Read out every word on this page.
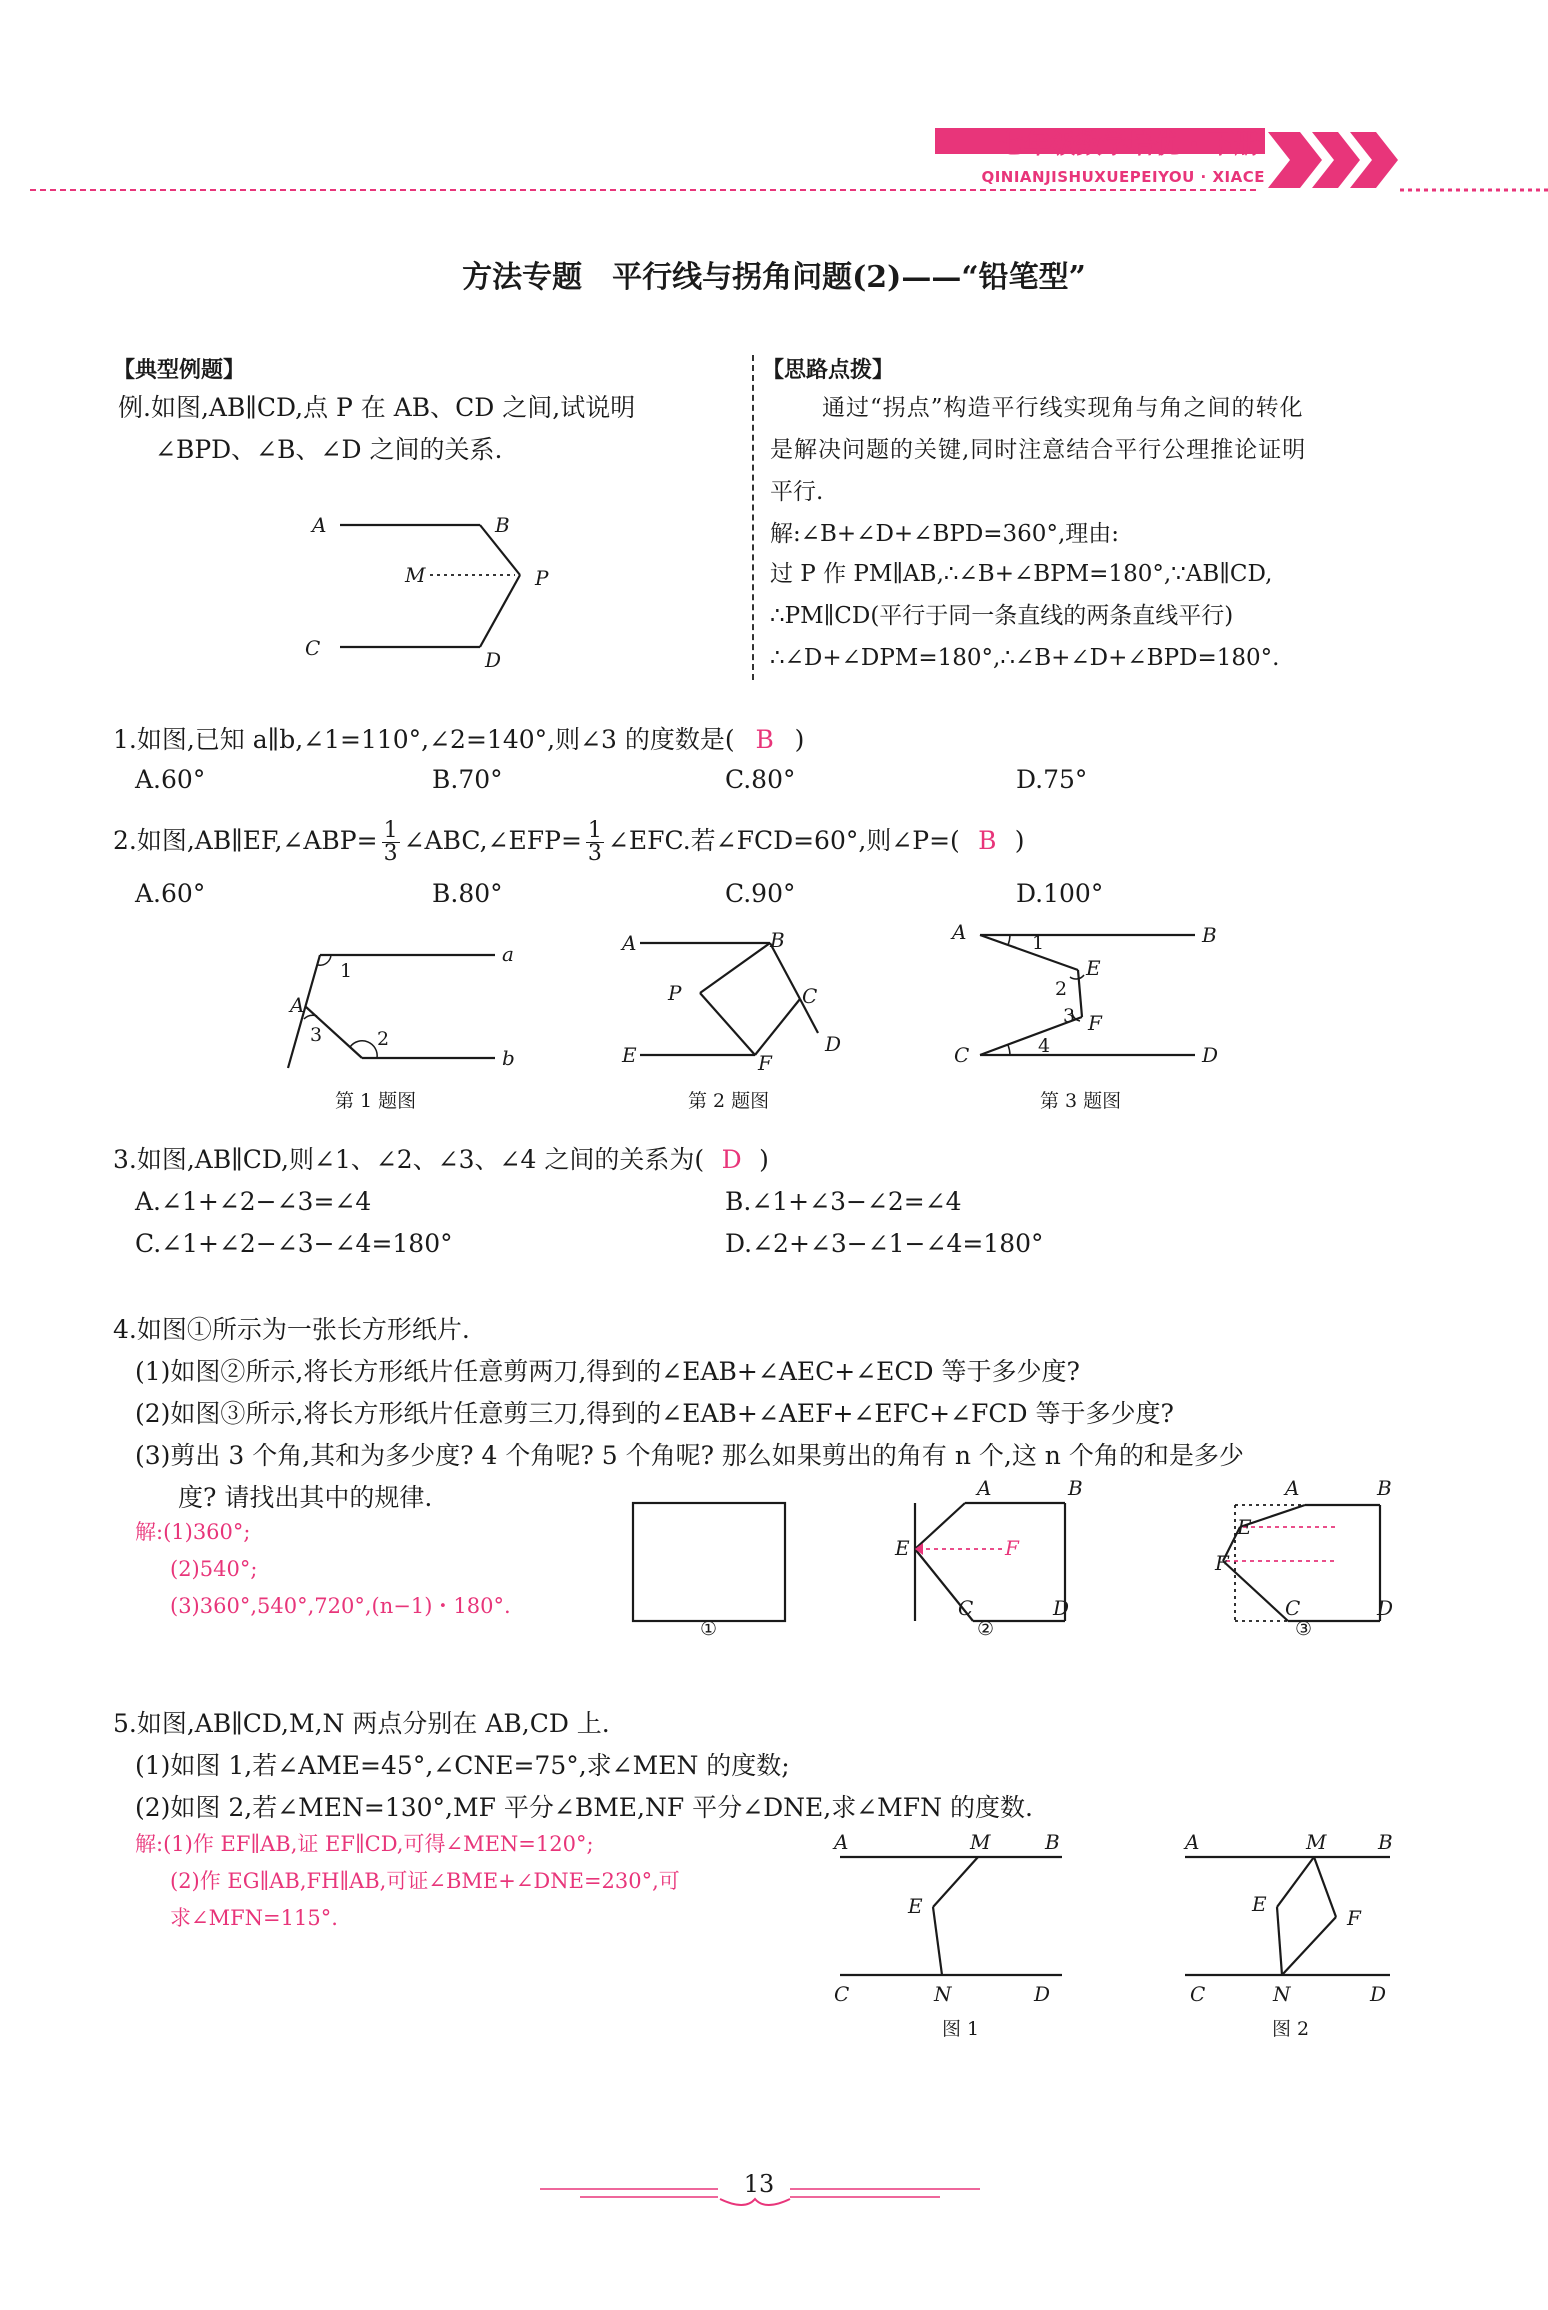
七年级数学培优 · 下册
QINIANJISHUXUEPEIYOU · XIACE
方法专题　平行线与拐角问题(2)——“铅笔型”
【典型例题】
例.如图,AB∥CD,点 P 在 AB、CD 之间,试说明
∠BPD、∠B、∠D 之间的关系.
A	B
M	P
C	D
【思路点拨】
通过“拐点”构造平行线实现角与角之间的转化
是解决问题的关键,同时注意结合平行公理推论证明
平行.
解:∠B+∠D+∠BPD=360°,理由:
过 P 作 PM∥AB,∴∠B+∠BPM=180°,∵AB∥CD,
∴PM∥CD(平行于同一条直线的两条直线平行)
∴∠D+∠DPM=180°,∴∠B+∠D+∠BPD=180°.
1.如图,已知 a∥b,∠1=110°,∠2=140°,则∠3 的度数是( B )
A.60°	B.70°	C.80°	D.75°
2.如图,AB∥EF,∠ABP= $\frac{1}{3}$ ∠ABC,∠EFP= $\frac{1}{3}$ ∠EFC.若∠FCD=60°,则∠P=( B )
A.60°	B.80°	C.90°	D.100°
a
1
A
3	2
b
第 1 题图
A	B
P	C
E	F
D
第 2 题图
A	1	B
E
2
3 F
C	4	D
第 3 题图
3.如图,AB∥CD,则∠1、∠2、∠3、∠4 之间的关系为( D )
A.∠1+∠2−∠3=∠4	B.∠1+∠3−∠2=∠4
C.∠1+∠2−∠3−∠4=180°	D.∠2+∠3−∠1−∠4=180°
4.如图①所示为一张长方形纸片.
(1)如图②所示,将长方形纸片任意剪两刀,得到的∠EAB+∠AEC+∠ECD 等于多少度?
(2)如图③所示,将长方形纸片任意剪三刀,得到的∠EAB+∠AEF+∠EFC+∠FCD 等于多少度?
(3)剪出 3 个角,其和为多少度? 4 个角呢? 5 个角呢? 那么如果剪出的角有 n 个,这 n 个角的和是多少
度? 请找出其中的规律.
解:(1)360°;
(2)540°;
(3)360°,540°,720°,(n−1)・180°.
①
A	B
E	F
C	D
②
A	B
E
F
C	D
③
5.如图,AB∥CD,M,N 两点分别在 AB,CD 上.
(1)如图 1,若∠AME=45°,∠CNE=75°,求∠MEN 的度数;
(2)如图 2,若∠MEN=130°,MF 平分∠BME,NF 平分∠DNE,求∠MFN 的度数.
解:(1)作 EF∥AB,证 EF∥CD,可得∠MEN=120°;
(2)作 EG∥AB,FH∥AB,可证∠BME+∠DNE=230°,可
求∠MFN=115°.
A	M	B
E
C	N	D
图 1
A	M	B
E
F
C	N	D
图 2
13
